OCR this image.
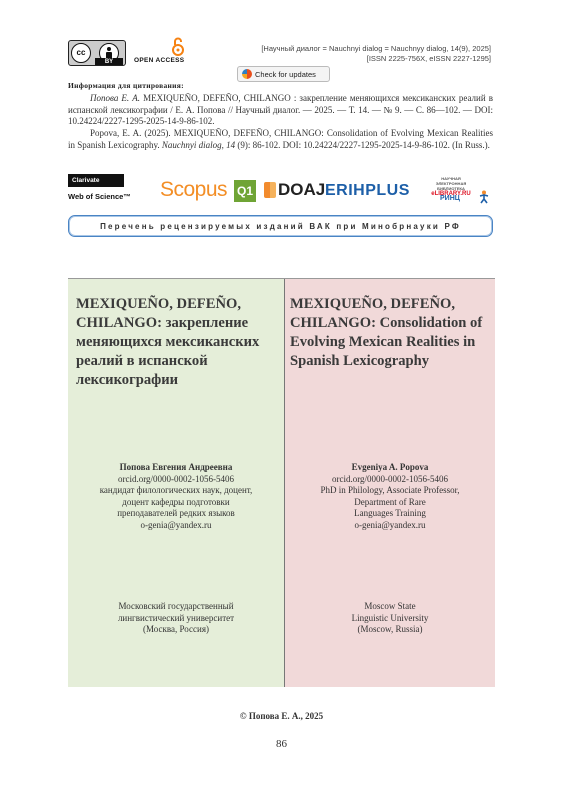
cc
BY	OPEN ACCESS
[Научный диалог = Nauchnyi dialog = Nauchnyy dialog, 14(9), 2025]
[ISSN 2225-756X, eISSN 2227-1295]
Check for updates
Информация для цитирования:
Попова Е. А. MEXIQUEÑO, DEFEÑO, CHILANGO : закрепление меняющихся мексиканских реалий в испанской лексикографии / Е. А. Попова // Научный диалог. — 2025. — Т. 14. — № 9. — С. 86—102. — DOI: 10.24224/2227-1295-2025-14-9-86-102.
Popova, E. A. (2025). MEXIQUEÑO, DEFEÑO, CHILANGO: Consolidation of Evolving Mexican Realities in Spanish Lexicography. Nauchnyi dialog, 14 (9): 86-102. DOI: 10.24224/2227-1295-2025-14-9-86-102. (In Russ.).
Clarivate
Web of Science™ Scopus Q1 DOAJ ERIHPLUS
НАУЧНАЯ ЭЛЕКТРОННАЯ БИБЛИОТЕКА
eLIBRARY.RU
РИНЦ
Перечень рецензируемых изданий ВАК при Минобрнауки РФ
MEXIQUEÑO, DEFEÑO, CHILANGO: закрепление меняющихся мексиканских реалий в испанской лексикографии
Попова Евгения Андреевна
orcid.org/0000-0002-1056-5406
кандидат филологических наук, доцент,
доцент кафедры подготовки
преподавателей редких языков
o-genia@yandex.ru
Московский государственный
лингвистический университет
(Москва, Россия)
MEXIQUEÑO, DEFEÑO, CHILANGO: Consolidation of Evolving Mexican Realities in Spanish Lexicography
Evgeniya A. Popova
orcid.org/0000-0002-1056-5406
PhD in Philology, Associate Professor,
Department of Rare
Languages Training
o-genia@yandex.ru
Moscow State
Linguistic University
(Moscow, Russia)
© Попова Е. А., 2025
86
